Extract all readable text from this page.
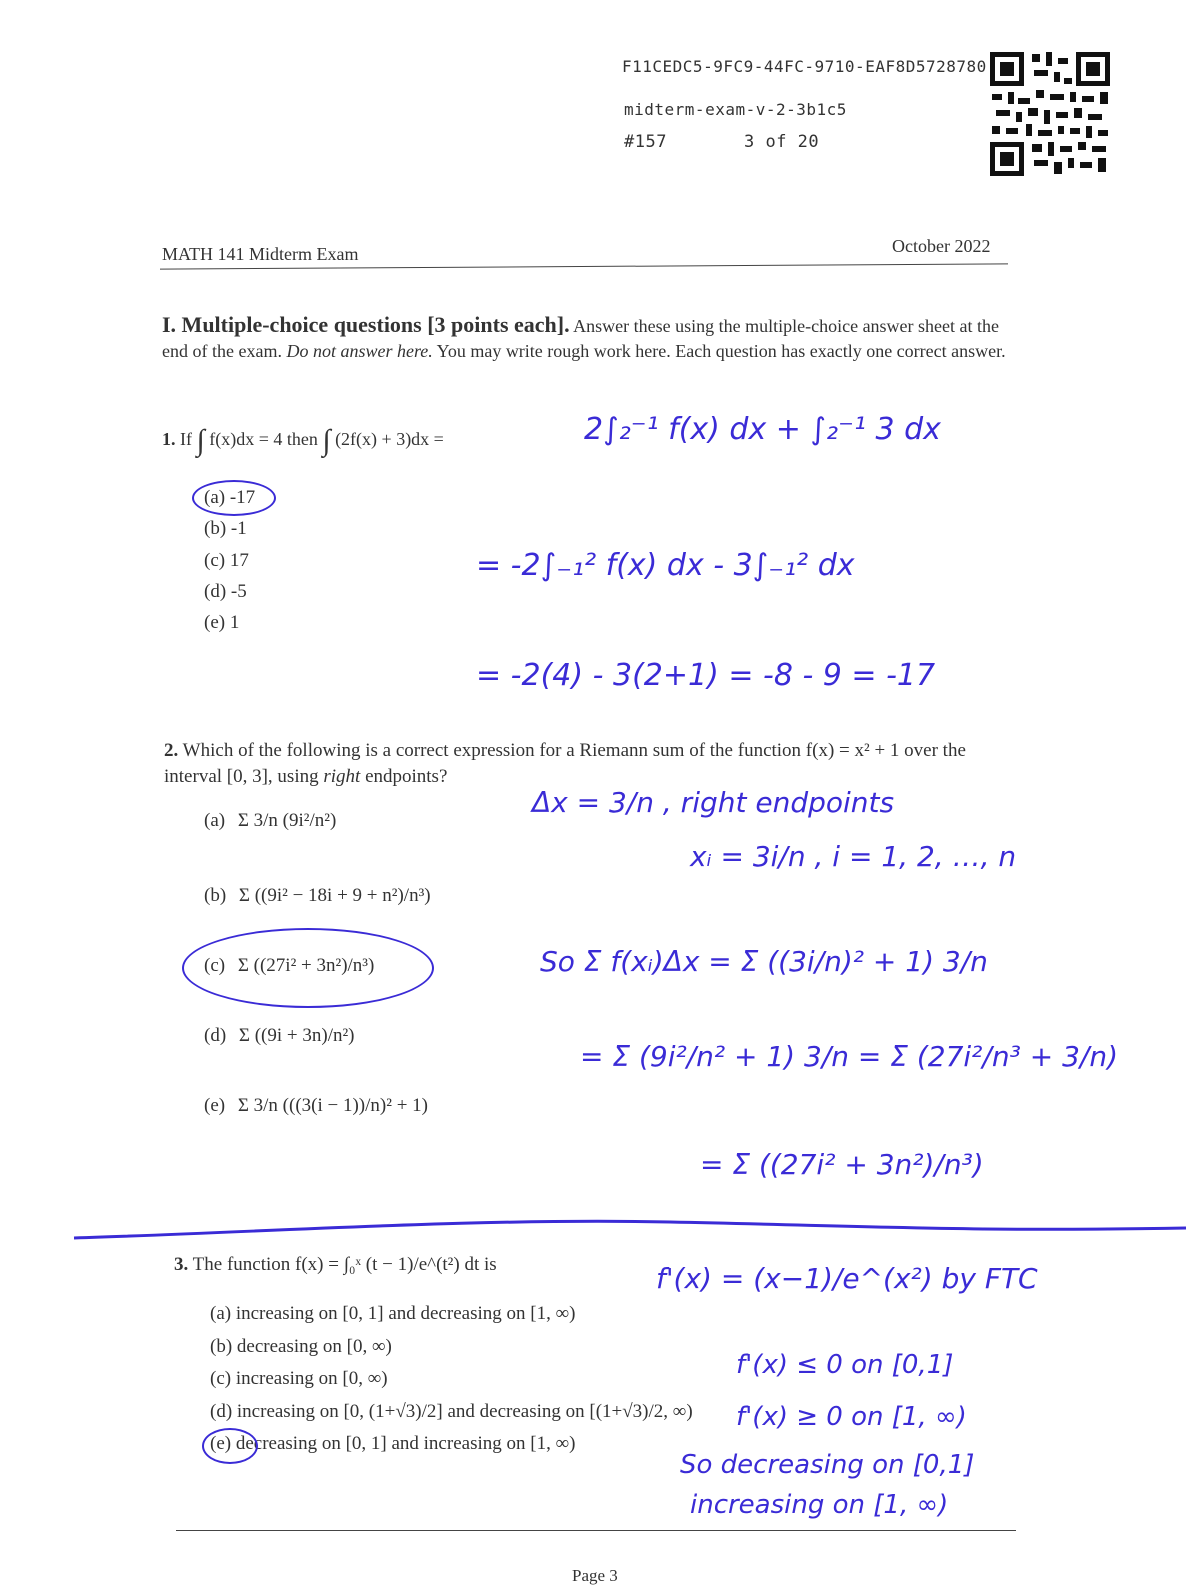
F11CEDC5-9FC9-44FC-9710-EAF8D5728780
midterm-exam-v-2-3b1c5
#157	3 of 20
MATH 141 Midterm Exam	October 2022
I. Multiple-choice questions [3 points each]. Answer these using the multiple-choice answer sheet at the end of the exam. Do not answer here. You may write rough work here. Each question has exactly one correct answer.
1. If ∫ f(x)dx = 4 then ∫ (2f(x) + 3)dx =
(a) -17
(b) -1
(c) 17
(d) -5
(e) 1
2∫₂⁻¹ f(x) dx + ∫₂⁻¹ 3 dx
= -2∫₋₁² f(x) dx - 3∫₋₁² dx
= -2(4) - 3(2+1) = -8 - 9 = -17
2. Which of the following is a correct expression for a Riemann sum of the function f(x) = x² + 1 over the interval [0, 3], using right endpoints?
(a) Σ 3/n (9i²/n²)
(b) Σ ((9i² − 18i + 9 + n²)/n³)
(c) Σ ((27i² + 3n²)/n³)
(d) Σ ((9i + 3n)/n²)
(e) Σ 3/n (((3(i − 1))/n)² + 1)
Δx = 3/n , right endpoints
xᵢ = 3i/n , i = 1, 2, …, n
So Σ f(xᵢ)Δx = Σ ((3i/n)² + 1) 3/n
= Σ (9i²/n² + 1) 3/n = Σ (27i²/n³ + 3/n)
= Σ ((27i² + 3n²)/n³)
3. The function f(x) = ∫₀ˣ (t − 1)/e^(t²) dt is
(a) increasing on [0, 1] and decreasing on [1, ∞)
(b) decreasing on [0, ∞)
(c) increasing on [0, ∞)
(d) increasing on [0, (1+√3)/2] and decreasing on [(1+√3)/2, ∞)
(e) decreasing on [0, 1] and increasing on [1, ∞)
f'(x) = (x−1)/e^(x²) by FTC
f'(x) ≤ 0 on [0,1]
f'(x) ≥ 0 on [1, ∞)
So decreasing on [0,1]
increasing on [1, ∞)
Page 3
